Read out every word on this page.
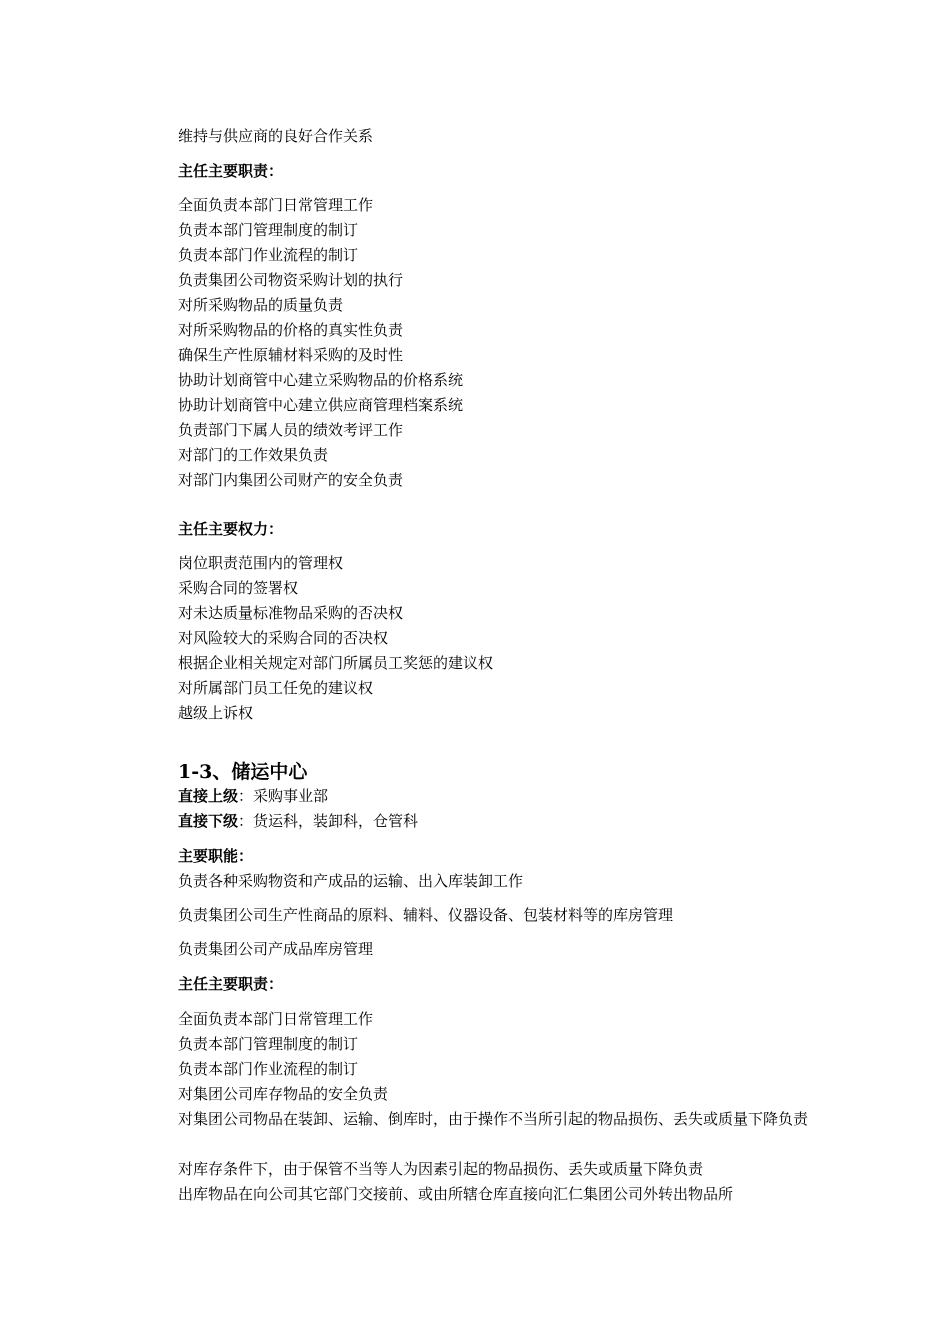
维持与供应商的良好合作关系
主任主要职责：
全面负责本部门日常管理工作
负责本部门管理制度的制订
负责本部门作业流程的制订
负责集团公司物资采购计划的执行
对所采购物品的质量负责
对所采购物品的价格的真实性负责
确保生产性原辅材料采购的及时性
协助计划商管中心建立采购物品的价格系统
协助计划商管中心建立供应商管理档案系统
负责部门下属人员的绩效考评工作
对部门的工作效果负责
对部门内集团公司财产的安全负责
主任主要权力：
岗位职责范围内的管理权
采购合同的签署权
对未达质量标准物品采购的否决权
对风险较大的采购合同的否决权
根据企业相关规定对部门所属员工奖惩的建议权
对所属部门员工任免的建议权
越级上诉权
1-3、储运中心
直接上级：采购事业部
直接下级：货运科，装卸科，仓管科
主要职能：
负责各种采购物资和产成品的运输、出入库装卸工作
负责集团公司生产性商品的原料、辅料、仪器设备、包装材料等的库房管理
负责集团公司产成品库房管理
主任主要职责：
全面负责本部门日常管理工作
负责本部门管理制度的制订
负责本部门作业流程的制订
对集团公司库存物品的安全负责
对集团公司物品在装卸、运输、倒库时，由于操作不当所引起的物品损伤、丢失或质量下降负责
对库存条件下，由于保管不当等人为因素引起的物品损伤、丢失或质量下降负责
出库物品在向公司其它部门交接前、或由所辖仓库直接向汇仁集团公司外转出物品所
